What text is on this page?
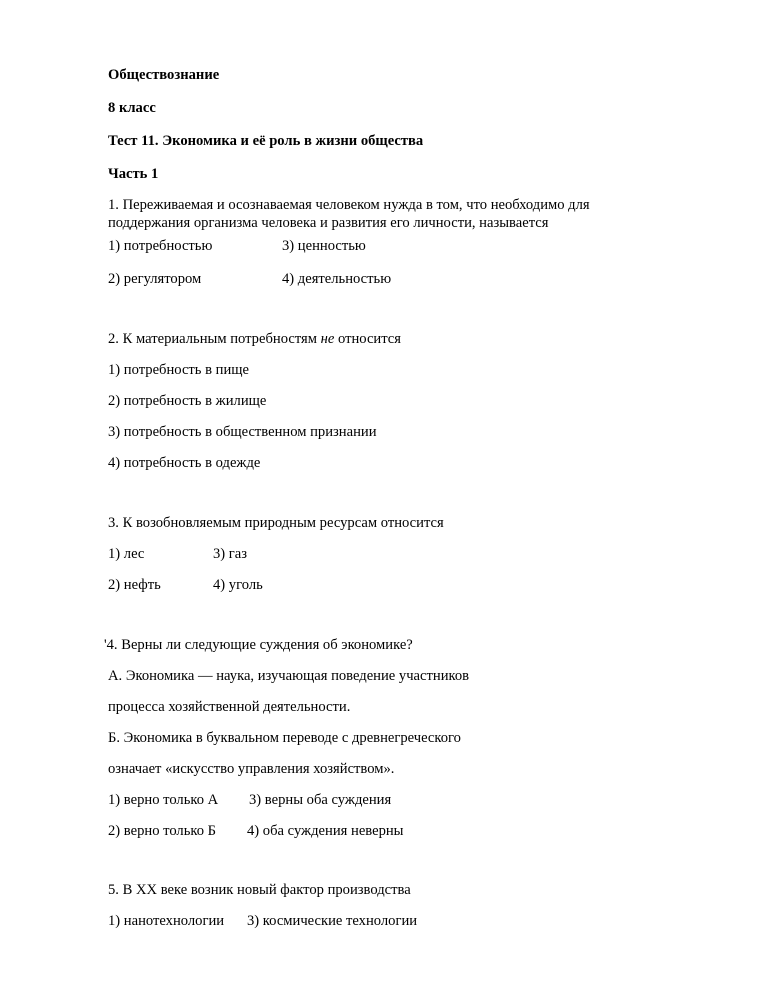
Обществознание
8 класс
Тест 11. Экономика и её роль в жизни общества
Часть 1
1. Переживаемая и осознаваемая человеком нужда в том, что необходимо для
поддержания организма человека и развития его личности, называется
1) потребностью	3) ценностью
2) регулятором	4) деятельностью
2. К материальным потребностям не относится
1) потребность в пище
2) потребность в жилище
3) потребность в общественном признании
4) потребность в одежде
3. К возобновляемым природным ресурсам относится
1) лес	3) газ
2) нефть	4) уголь
'4. Верны ли следующие суждения об экономике?
А. Экономика — наука, изучающая поведение участников
процесса хозяйственной деятельности.
Б. Экономика в буквальном переводе с древнегреческого
означает «искусство управления хозяйством».
1) верно только А 3) верны оба суждения
2) верно только Б 4) оба суждения неверны
5. В XX веке возник новый фактор производства
1) нанотехнологии 3) космические технологии
